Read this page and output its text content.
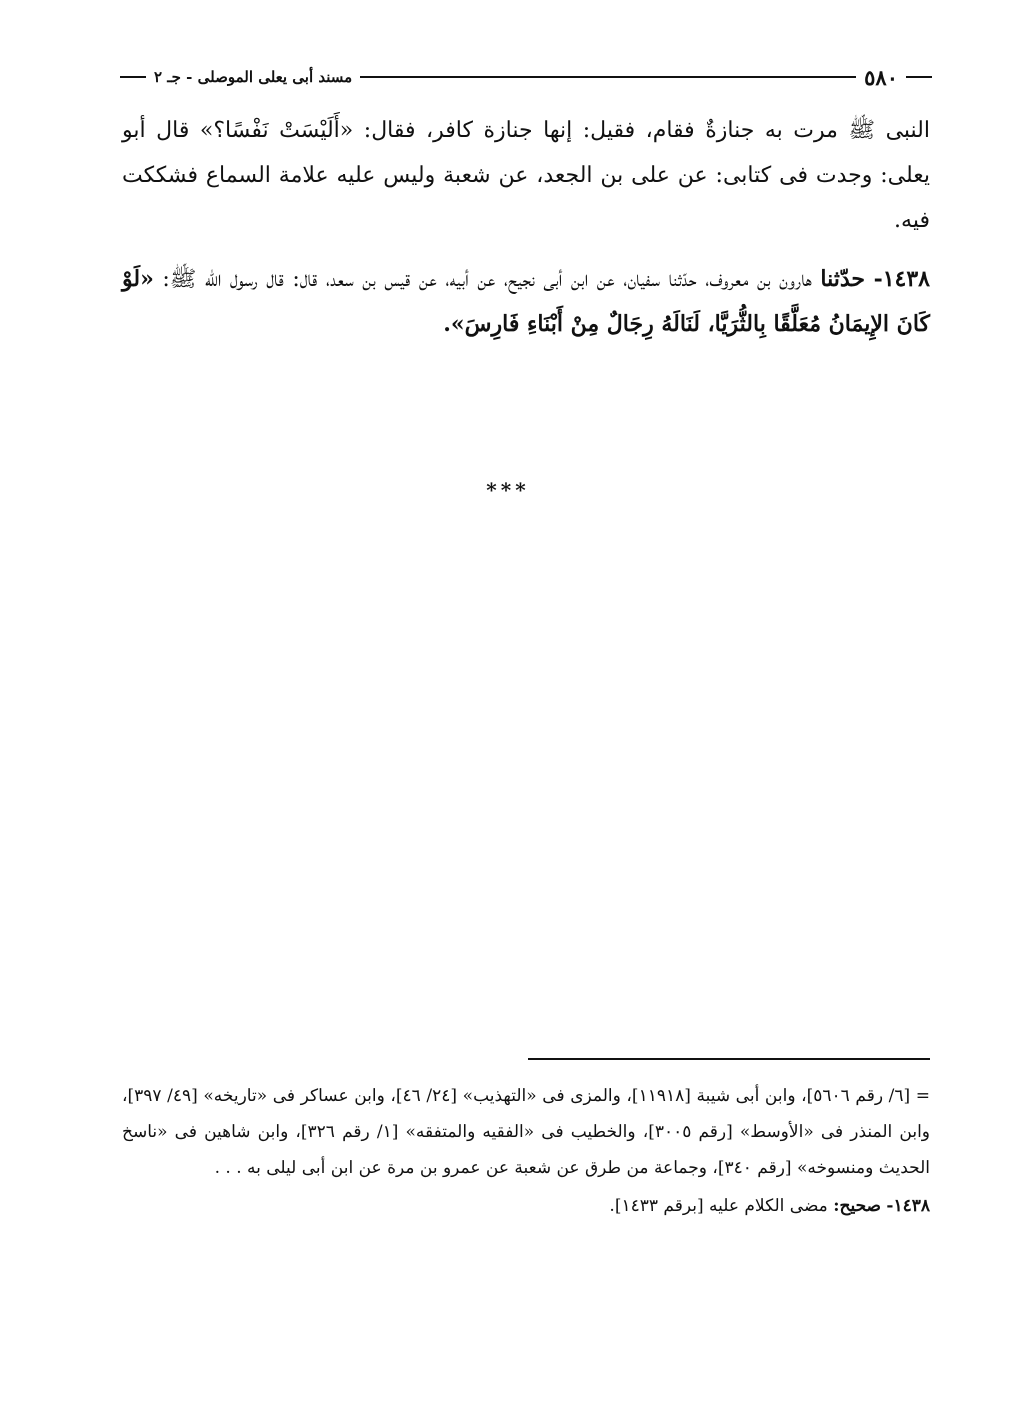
٥٨٠
مسند أبى يعلى الموصلى - جـ ٢

النبى ﷺ مرت به جنازةٌ فقام، فقيل: إنها جنازة كافر، فقال: «أَلَيْسَتْ نَفْسًا؟» قال أبو يعلى: وجدت فى كتابى: عن على بن الجعد، عن شعبة وليس عليه علامة السماع فشككت فيه.

١٤٣٨- حدّثنا هارون بن معروف، حدّثنا سفيان، عن ابن أبى نجيح، عن أبيه، عن قيس بن سعد، قال: قال رسول الله ﷺ: «لَوْ كَانَ الإِيمَانُ مُعَلَّقًا بِالثُّرَيَّا، لَنَالَهُ رِجَالٌ مِنْ أَبْنَاءِ فَارِسَ».

***

= [٦/ رقم ٥٦٠٦]، وابن أبى شيبة [١١٩١٨]، والمزى فى «التهذيب» [٢٤/ ٤٦]، وابن عساكر فى «تاريخه» [٤٩/ ٣٩٧]، وابن المنذر فى «الأوسط» [رقم ٣٠٠٥]، والخطيب فى «الفقيه والمتفقه» [١/ رقم ٣٢٦]، وابن شاهين فى «ناسخ الحديث ومنسوخه» [رقم ٣٤٠]، وجماعة من طرق عن شعبة عن عمرو بن مرة عن ابن أبى ليلى به . . .

١٤٣٨- صحيح: مضى الكلام عليه [برقم ١٤٣٣].
